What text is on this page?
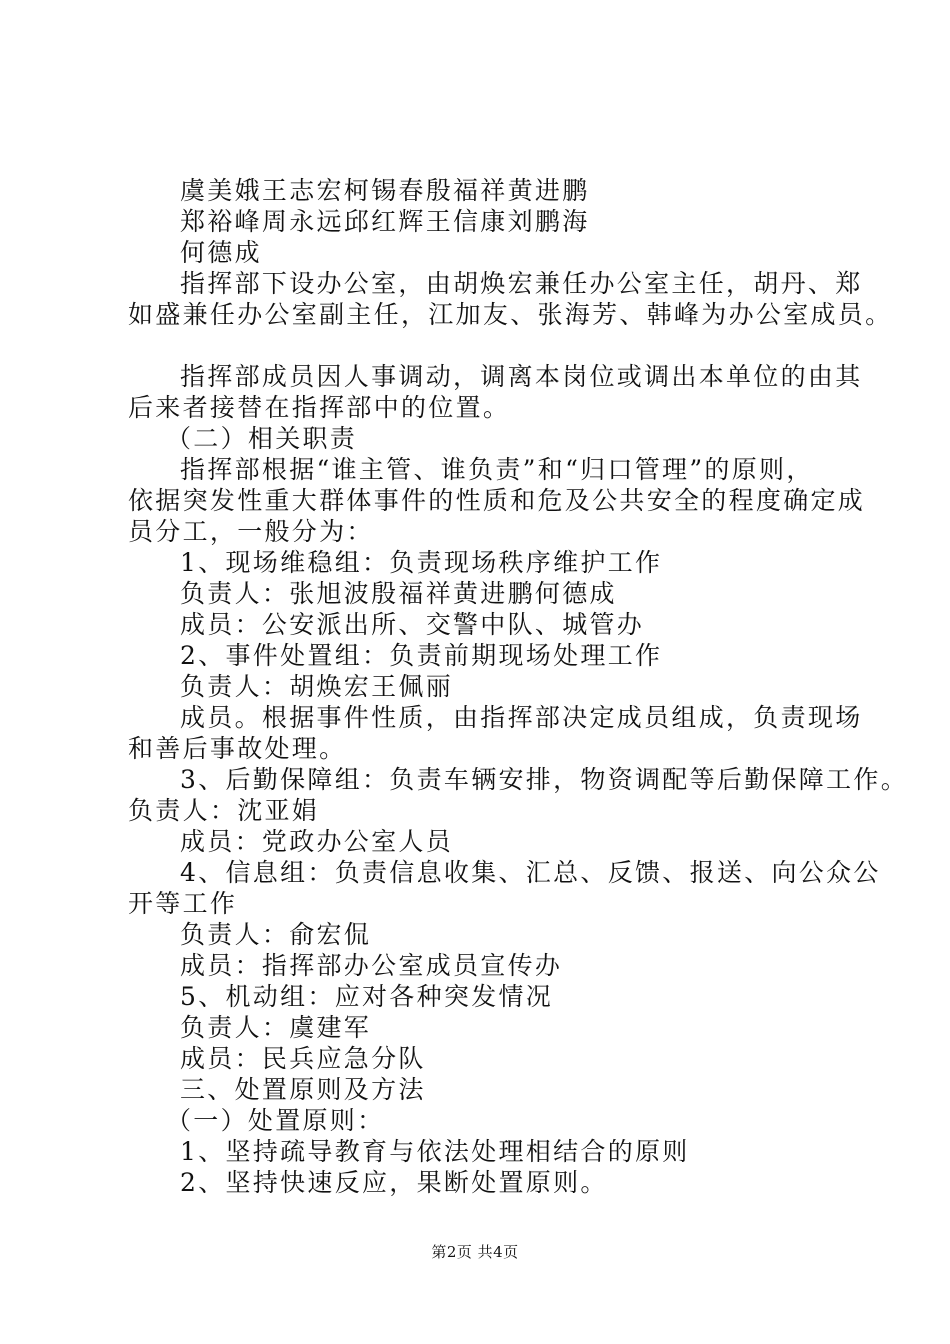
虞美娥王志宏柯锡春殷福祥黄进鹏
郑裕峰周永远邱红辉王信康刘鹏海
何德成
指挥部下设办公室，由胡焕宏兼任办公室主任，胡丹、郑
如盛兼任办公室副主任，江加友、张海芳、韩峰为办公室成员。
指挥部成员因人事调动，调离本岗位或调出本单位的由其
后来者接替在指挥部中的位置。
（二）相关职责
指挥部根据“谁主管、谁负责”和“归口管理”的原则，
依据突发性重大群体事件的性质和危及公共安全的程度确定成
员分工，一般分为：
1、现场维稳组：负责现场秩序维护工作
负责人：张旭波殷福祥黄进鹏何德成
成员：公安派出所、交警中队、城管办
2、事件处置组：负责前期现场处理工作
负责人：胡焕宏王佩丽
成员。根据事件性质，由指挥部决定成员组成，负责现场
和善后事故处理。
3、后勤保障组：负责车辆安排，物资调配等后勤保障工作。
负责人：沈亚娟
成员：党政办公室人员
4、信息组：负责信息收集、汇总、反馈、报送、向公众公
开等工作
负责人：俞宏侃
成员：指挥部办公室成员宣传办
5、机动组：应对各种突发情况
负责人：虞建军
成员：民兵应急分队
三、处置原则及方法
（一）处置原则：
1、坚持疏导教育与依法处理相结合的原则
2、坚持快速反应，果断处置原则。
第2页 共4页
